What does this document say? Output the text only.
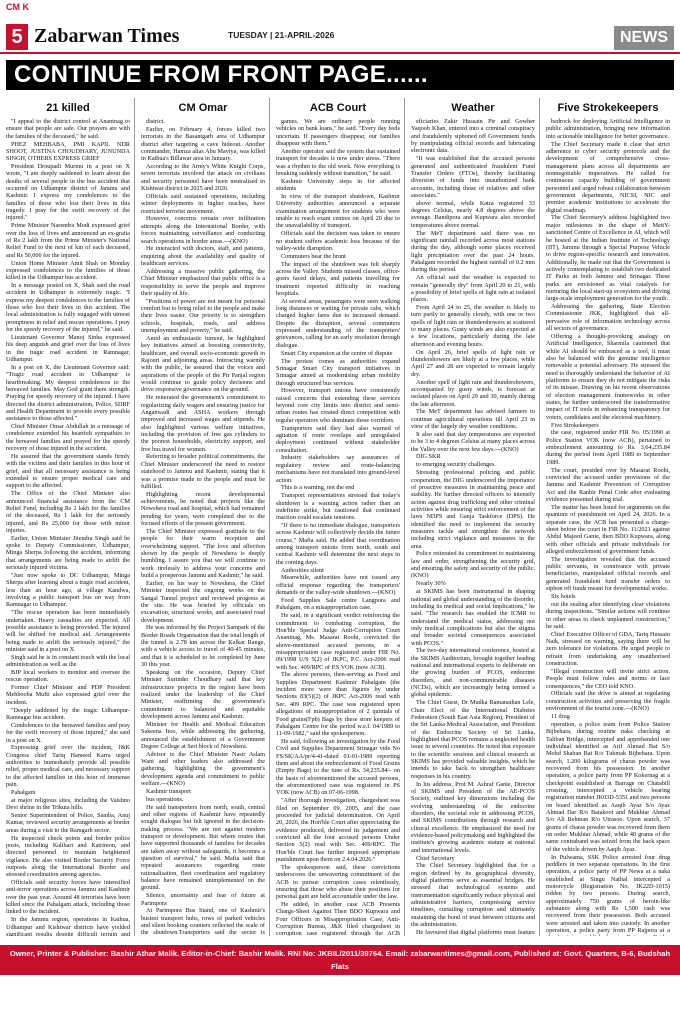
CM K
5 Zabarwan Times	TUESDAY | 21-APRIL-2026	NEWS
CONTINUE FROM FRONT PAGE......
21 killed

"I appeal to the district control at Anantnag to ensure that people are safe. Our prayers are with the families of the deceased," he said.

PHEZ MEHBABA, PMI KAPIL NDR SHOOT, JUSTINA CHOUDHARY, JUNUNDA SINGH, OTHERS EXPRESS GRIEF

President Droupadi Murmu in a post on X wrote, "I am deeply saddened to learn about the deaths of several people in the bus accident that occurred on Udhampur district of Jammu and Kashmir. I express my condolences to the families of those who lost their lives in this tragedy. I pray for the swift recovery of the injured."

Prime Minister Narendra Modi expressed grief over the loss of lives and announced an ex-gratia of Rs 2 lakh from the Prime Minister's National Relief Fund to the next of kin of each deceased, and Rs 50,000 for the injured.

Union Home Minister Amit Shah on Monday expressed condolences to the families of those killed in the Udhampur bus accident.

In a message posted on X, Shah said the road accident in Udhampur is extremely tragic. "I express my deepest condolences to the families of those who lost their lives in this accident. The local administration is fully engaged with utmost promptness in relief and rescue operations. I pray for the speedy recovery of the injured," he said.

Lieutenant Governor Manoj Sinha expressed his deep anguish and grief over the loss of lives in the tragic road accident in Ramnagar, Udhampur.

In a post on X, the Lieutenant Governor said: "Tragic road accident in Udhampur is heartbreaking. My deepest condolences to the bereaved families. May God grant them strength. Praying for speedy recovery of the injured. I have directed the district administration, Police, SDRF and Health Department to provide every possible assistance to those affected."

Chief Minister Omar Abdullah in a message of condolence extended his heartfelt sympathies to the bereaved families and prayed for the speedy recovery of those injured in the accident.

He assured that the government stands firmly with the victims and their families in this hour of grief, and that all necessary assistance is being extended to ensure proper medical care and support to the affected.

The Office of the Chief Minister also announced financial assistance from the CM Relief Fund, including Rs 2 lakh for the families of the deceased, Rs 1 lakh for the seriously injured, and Rs 25,000 for those with minor injuries.

Earlier, Union Minister Jitendra Singh said he spoke to Deputy Commissioner, Udhampur, Minga Sherpa following the accident, informing that arrangements are being made to airlift the seriously injured victims.

"Just now spoke to DC Udhampur, Minga Sherpa after learning about a tragic road accident, less than an hour ago, at village Kandwa, involving a public transport bus on way from Ramnagar to Udhampur.

"The rescue operation has been immediately undertaken. Heavy casualties are expected. All possible assistance is being provided. The injured will be shifted for medical aid. Arrangements being made to airlift the seriously injured," the minister said in a post on X.

Singh said he is in constant touch with the local administration as well as the

BJP local workers to monitor and oversee the rescue operation.

Former Chief Minister and PDP President Mehbooba Mufti also expressed grief over the incident.

"Deeply saddened by the tragic Udhampur-Ramnagar bus accident.

Condolences to the bereaved families and pray for the swift recovery of those injured," she said in a post on X.

Expressing grief over the incident, J&K Congress chief Tariq Hameed Karra urged authorities to immediately provide all possible relief, proper medical care, and necessary support to the affected families in this hour of immense pain.

Pahalgam

at major religious sites, including the Vaishno Devi shrine in the Trikuta hills.

Senior Superintendent of Police, Samba, Anuj Kumar, reviewed security arrangements at border areas during a visit to the Ramgarh sector.

He inspected check points and border police posts, including Kalibari and Katrimon, and directed personnel to maintain heightened vigilance. He also visited Border Security Force outposts along the International Border and stressed coordination among agencies.

Officials said security forces have intensified anti-terror operations across Jammu and Kashmir over the past year. Around 48 terrorists have been killed since the Pahalgam attack, including those linked to the incident.

In the Jammu region, operations in Kathua, Udhampur and Kishtwar districts have yielded significant results despite difficult terrain and

CM Omar

district.

Earlier, on February 4, forces killed two terrorists in the Basantgarh area of Udhampur district after targeting a cave hideout. Another commander, Hamza alias Abu Maviya, was killed in Kathua's Billawar area in January.

According to the Army's White Knight Corps, seven terrorists involved the attack on civilians and security personnel have been neutralised in Kishtwar district in 2025 and 2026.

Officials said sustained operations, including winter deployments in higher reaches, have restricted terrorist movement.

However, concerns remain over infiltration attempts along the International Border, with forces maintaining surveillance and conducting search operations in border areas.---(KNO)

He interacted with doctors, staff, and patients, enquiring about the availability and quality of healthcare services.

Addressing a massive public gathering, the Chief Minister emphasized that public office is a responsibility to serve the people and improve their quality of life.

"Positions of power are not meant for personal comfort but to bring relief to the people and make their lives easier. Our priority is to strengthen schools, hospitals, roads, and address unemployment and poverty," he said.

Amid an enthusiastic turnout, he highlighted key initiatives aimed at boosting connectivity, healthcare, and overall socio-economic growth in Rajouri and adjoining areas. Interacting warmly with the public, he assured that the voices and aspirations of the people of the Pir Panjal region would continue to guide policy decisions and drive responsive governance on the ground.

He reiterated the government's commitment to regularizing daily wagers and ensuring justice for Anganwadi and ASHA workers through improved and increased wages and stipends. He also highlighted various welfare initiatives, including the provision of free gas cylinders to the poorest households, electricity support, and free bus travel for women.

Referring to broader political commitments, the Chief Minister underscored the need to restore statehood to Jammu and Kashmir, stating that it was a promise made to the people and must be fulfilled.

Highlighting recent developmental achievements, he noted that projects like the Nowshera road and hospital, which had remained pending for years, were completed due to the focused efforts of the present government.

The Chief Minister expressed gratitude to the people for their warm reception and overwhelming support. "The love and affection shown by the people of Nowshera is deeply humbling. I assure you that we will continue to work tirelessly to address your concerns and build a prosperous Jammu and Kashmir," he said.

Earlier, on his way to Nowshera, the Chief Minister inspected the ongoing works on the Sangal Tunnel project and reviewed progress at the site. He was briefed by officials on excavation, structural works, and associated road development.

He was informed by the Project Sampark of the Border Roads Organisation that the total length of the tunnel is 2.78 km across the Kalkar Range, with a vehicle access to travel of 40-45 minutes, and that it is scheduled to be completed by June 30 this year.

Speaking on the occasion, Deputy Chief Minister Surinder Choudhary said that key infrastructure projects in the region have been realized under the leadership of the Chief Minister, reaffirming the government's commitment to balanced and equitable development across Jammu and Kashmir.

Minister for Health and Medical Education Sakeena Itoo, while addressing the gathering, announced the establishment of a Government Degree College at Seri block of Nowshera.

Advisor to the Chief Minister Nasir Aslam Wani and other leaders also addressed the gathering, highlighting the government's development agenda and commitment to public welfare.---(KNO)

Kashmir transport

bus operations.

He said transporters from north, south, central and other regions of Kashmir have repeatedly sought dialogue but felt ignored in the decision-making process. "We are not against modern transport or development. But where routes that have supported thousands of families for decades are taken away without safeguards, it becomes a question of survival," he said. Mafia said that repeated assurances regarding route rationalisation, fleet coordination and regulatory balance have remained unimplemented on the ground.

Silence, uncertainty and fear of future at Parimpora

At Parimpora Bus Stand, one of Kashmir's busiest transport hubs, rows of parked vehicles and silent booking counters reflected the scale of the shutdown.Transporters said the sector is

ACB Court

games. We are ordinary people running vehicles on bank loans," he said. "Every day feels uncertain. If passengers disappear, our families disappear with them."

Another operator said the system that sustained transport for decades is now under stress. "There was a rhythm to the old work. Now everything is breaking suddenly without transition," he said.

Kashmir University steps in for affected students

In view of the transport shutdown, Kashmir University authorities announced a separate examination arrangement for students who were unable to reach exam centres on April 20 due to the unavailability of transport.

Officials said the decision was taken to ensure no student suffers academic loss because of the valley-wide disruption.

Commuters bear the brunt

The impact of the shutdown was felt sharply across the Valley. Students missed classes, office-goers faced delays, and patients travelling for treatment reported difficulty in reaching hospitals.

At several areas, passengers were seen walking long distances or waiting for private cabs, which charged higher fares due to increased demand. Despite the disruption, several commuters expressed understanding of the transporters' grievances, calling for an early resolution through dialogue.

Smart City expansion at the centre of dispute

The protest comes as authorities expand Srinagar Smart City transport initiatives in Srinagar aimed at modernising urban mobility through structured bus services.

However, transport unions have consistently raised concerns that extending these services beyond core city limits into district and semi-urban routes has created direct competition with regular operators who dominate these corridors.

Transporters said they had also warned of agitation if route overlaps and unregulated deployment continued without stakeholder consultation.

Industry stakeholders say assurances of regulatory review and route-balancing mechanisms have not translated into ground-level action.

This is a warning, not the end

Transport representatives stressed that today's shutdown is a warning action rather than an indefinite strike, but cautioned that continued inaction could escalate tensions.

"If there is no immediate dialogue, transporters across Kashmir will collectively decide the future course," Mafia said. He added that coordination among transport unions from north, south and central Kashmir will determine the next steps in the coming days.

Authorities silent

Meanwhile, authorities have not issued any official response regarding the transporters' demands or the valley-wide shutdown.---(KNO)

Food Supplies Sale centre Langpora and Pahalgam, on a misappropriation case.

He said, in a significant verdict reinforcing the commitment to combating corruption, the Hon'ble Special Judge Anti-Corruption Court Anantnag, Ms. Masarat Roohi, convicted the above-mentioned accused persons, in a misappropriation case registered under FIR No. 09/1998 U/S 5(2) of JKPC, P.C. Act-2006 read with Sec. 409/RPC of P.S VOK (now ACB).

The above persons, then-serving as Food and Supplies Department Kashmir Pahalgam (the incident more were than figures by under Sections 83(5)(2) of JKPC Act-2006 read with Sec. 409 RPC. The case was registered upon allegations of misappropriation of 2 quintals of Food grains(Fpb) Bags by these store keepers of Pahalgam Centre for the period w.e.f. 04/1989 to 11-09-1982," said the spokesperson.

He said, following an investigation by the Food Civil and Supplies Department Srinagar vide No FS/SK/AA/pr/4-41-dated 01-01-1989 reporting them and about the embezzlement of Food Grains (Empty Bags) to the tune of Rs. 34,235.84/- on the basis of aforementioned the accused persons, the aforementioned case was registered in PS VOK (now ACB) on 07-06-1998.

"After thorough investigation, chargesheet was filed on September 09, 2005, and the case proceeded for judicial determination. On April 20, 2026, the Hon'ble Court after appreciating the evidence produced, delivered its judgement and convicted all the four accused persons Under Section 5(2) read with Sec. 409/RPC. The Hon'ble Court has further imposed appropriate punishment upon them on 2.4.04.2026."

The spokesperson said, these convictions underscores the unwavering commitment of the ACB to pursue corruption cases relentlessly, ensuring that those who abuse their positions for personal gain are held accountable under the law.

He added, in another case ACB Presents Charge-Sheet Against Then BDO Kupwara and Four Officers in Misappropriation Case, Anti-Corruption Bureau, J&K filed chargesheet in corruption case registered through the ACB

Weather

eficiaries Zakir Hussain Pir and Gowher Yaqoob Khan, entered into a criminal conspiracy and fraudulently siphoned off Government funds by manipulating official records and fabricating electronic data.

"It was established that the accused persons generated and authenticated fraudulent Fund Transfer Orders (FTOs), thereby facilitating diversion of funds into unauthorized bank accounts, including those of relatives and other associates."

above normal, while Katra registered 33 degrees Celsius, nearly 4.8 degrees above the average. Bandipora and Kupwara also recorded temperatures above normal.

The MeT department said there was no significant rainfall recorded across most stations during the day, although some places received light precipitation over the past 24 hours. Pahalgam recorded the highest rainfall of 0.2 mm during this period.

An official said the weather is expected to remain "generally dry" from April 20 to 21, with a possibility of brief spells of light rain at isolated places.

From April 24 to 25, the weather is likely to turn partly to generally cloudy, with one or two spells of light rain or thundershowers at scattered to many places. Gusty winds are also expected at a few locations, particularly during the late afternoon and evening hours.

On April 26, brief spells of light rain or thundershowers are likely at a few places, while April 27 and 28 are expected to remain largely dry.

Another spell of light rain and thundershowers, accompanied by gusty winds, is forecast at isolated places on April 29 and 30, mainly during the late afternoon.

The MeT department has advised farmers to continue agricultural operations till April 23 in view of the largely dry weather conditions.

It also said that day temperatures are expected to be 3 to 4 degrees Celsius at many places across the Valley over the next few days.---(KNO)

DIG SKR

to emerging security challenges.

Stressing professional policing and public cooperation, the DIG underscored the importance of proactive measures in maintaining peace and stability. He further directed officers to intensify action against drug trafficking and other criminal activities while ensuring strict enforcement of the laws NDPS and Ganja Taskforce (DPS). He identified the need to implement the security measures tackle and strengthen the network including strict vigilance and measures in the area.

Police reiterated its commitment to maintaining law and order, strengthening the security grid, and ensuring the safety and security of the public.(KNO)

Nearly 30%

at SKIMS has been instrumental in shaping national and global understanding of the disorder, including its medical and social implications," he said. "The research has enabled the ICMR to understand the medical status, addressing not only medical complications but also the stigma and broader societal consequences associated with PCOS."

The two-day international conference, hosted at the SKIMS Auditorium, brought together leading national and international experts to deliberate on the growing burden of PCOS, endocrine disorders, and non-communicable diseases (NCDs), which are increasingly being termed a global epidemic.

The Chief Guest, Dr Mudka Ramanathan Lele, Chair Elect of the International Diabetes Federation (South East Asia Region), President of the Sri Lanka Medical Association, and President of the Endocrine Society of Sri Lanka, highlighted that PCOS remains a neglected health issue in several countries. He noted that exposure to the scientific sessions and clinical research at SKIMS has provided valuable insights, which he intends to take back to strengthen healthcare responses in his country.

In his address, Prof M. Ashraf Ganie, Director of SKIMS and President of the AE-PCOS Society, outlined key dimensions including the evolving understanding of the endocrine disorders, the societal role in addressing PCOS, and SKIMS contributions through research and clinical excellence. He emphasized the need for evidence-based policymaking and highlighted the institute's growing academic stature at national and international levels.

Chief Secretary

The Chief Secretary highlighted that for a region defined by its geographical diversity, digital platforms serve as essential bridges. He stressed that technological systems and instrumentation significantly reduce physical and administrative barriers, compressing service timelines, curtailing corruption and ultimately sustaining the bond of trust between citizens and the administration.

He favoured that digital platforms must feature

Five Strokekeepers

bedrock for deploying Artificial Intelligence in public administration, bringing new information into actionable intelligence for better governance.

The Chief Secretary made it clear that strict adherence to cyber security protocols and the development of comprehensive cross-management plans across all departments are nonnegotiable imperatives. He called for continuous capacity building of government personnel and urged robust collaboration between government departments, NICSI, NIC and premier academic institutions to accelerate the digital roadmap.

The Chief Secretary's address highlighted two major milestones in the shape of MeitY-sanctioned Centre of Excellence in AI, which will be hosted at the Indian Institute of Technology (IIT), Jammu through a Special Purpose Vehicle to drive region-specific research and innovation. Additionally, he made out that the Government is actively contemplating to establish two dedicated IT Parks at both Jammu and Srinagar. These parks are envisioned as vital catalysts for nurturing the local start-up ecosystem and driving large-scale employment generation for the youth.

Addressing the gathering, State Election Commissioner JKK, highlighted that all-pervasive role of information technology across all sectors of governance.

Offering a thought-provoking analogy on Artificial Intelligence, Sharmila cautioned that while AI should be embraced as a tool, it must also be balanced with the genuine intelligence removable a potential adversary. He stressed the need to thoroughly understand the behavior of AI platforms to ensure they do not mitigate the risks of its misuse. Drawing on his recent observations of election management frameworks in other states, he further underscored the transformative impact of IT tools in enhancing transparency for voters, candidates and the electoral machinery.

Five Strokekeepers

the case, registered under FIR No. 05/1990 at Police Station VOK (now ACB), pertained to embezzlement amounting to Rs. 3,64,235.84 during the period from April 1989 to September 1989.

The court, presided over by Masarat Roohi, convicted the accused under provisions of the Jammu and Kashmir Prevention of Corruption Act and the Ranbir Penal Code after evaluating evidence presented during trial.

The matter has been listed for arguments on the quantum of punishment on April 24, 2026. In a separate case, the ACB has presented a charge-sheet before the court in FIR No. 11/2021 against Abdul Majeed Ganie, then BDO Kupwara, along with other officials and private individuals for alleged embezzlement of government funds.

The investigation revealed that the accused public servants, in connivance with private beneficiaries, manipulated official records and generated fraudulent fund transfer orders to siphon off funds meant for developmental works.

Six hotels

out the sealing after identifying clear violations during inspections. "Similar actions will continue in other areas to check unplanned construction," he said.

Chief Executive Officer of GDA, Tariq Hussain Naik, stressed on warning, saying there will be zero tolerance for violations. He urged people to refrain from undertaking any unauthorised construction.

"Illegal construction will invite strict action. People must follow rules and norms or face consequences," the CEO told KNO.

Officials said the drive is aimed at regulating construction activities and preserving the fragile environment of the tourist zone.---(KNO)

11 drug

operation, a police team from Police Station Bijbehara, during routine naka checking at Taliban Bridge, intercepted and apprehended one individual identified as Arif Ahmad Bat S/o Mohd Shaban Bat R/o Tukmak Bijbehara. Upon search, 1.200 kilograms of charas powder was recovered from his possession. In another operation, a police party from PP Kokernag at a checkpoint established at Barrage on Chatabill crossing, intercepted a vehicle bearing registration number JK03D-5351 and two persons on board identified as Aaqib Ayaz S/o Ayaz Ahmad Dar R/o Batakoot and Mukhtar Ahmad S/o Ali Rehman R/o Utrasoo. Upon search, 37 grams of charas powder was recovered from them on order Mukhtar Ahmad, while 40 grams of the same contraband was seized from the back space of the vehicle driven by Aaqib Ayaz.

In Pulwama, SSK Police arrested four drug peddlers in two separate operations. In the first operation, a police party of PP Newa at a naka established at Singu Nathal intercepted a motorcycle (Registration No. JK22D-1015) ridden by two persons. During search, approximately 750 grams of heroin-like substance along with Rs 1,500 cash was recovered from their possession. Both accused were arrested and taken into custody. In another operation, a police party from PP Rajpora at a

Owner, Printer & Publisher: Bashir Athar Malik. Editor-in-Chief: Bashir Malik. RNI No: JKBIL/2011/39764. Email: zabarwantimes@gmail.com, Published at: Govt. Quarters, B-6, Budshah Flats
Jahangir Chowk Srinagar-190001 J&K. Printed at: Khidmat Offset Printing Press, The Bund Srinagar, Tele/ Fax: 2478370, Cell No: 9419004192, 9906868501
